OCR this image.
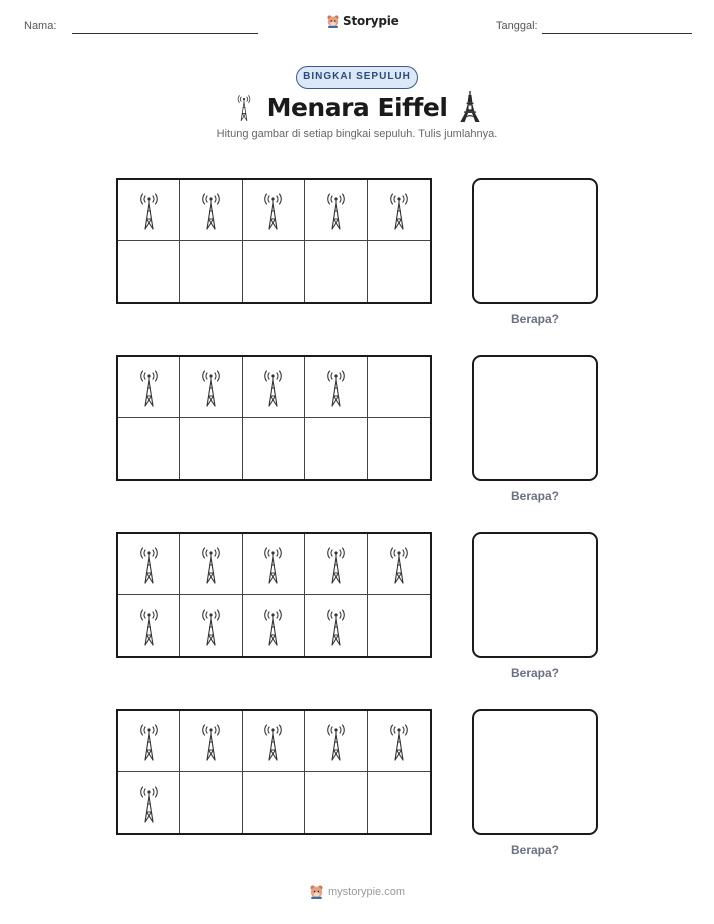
Nama:	Storypie	Tanggal:
BINGKAI SEPULUH
Menara Eiffel
Hitung gambar di setiap bingkai sepuluh. Tulis jumlahnya.
Berapa?
Berapa?
Berapa?
Berapa?
mystorypie.com
